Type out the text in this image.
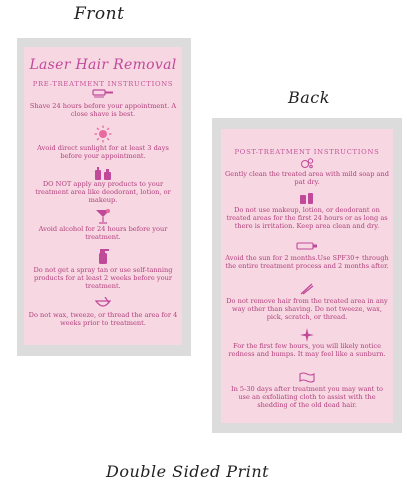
Front
Back
Double Sided Print
Laser Hair Removal
PRE-TREATMENT INSTRUCTIONS
Shave 24 hours before your appointment. A close shave is best.
Avoid direct sunlight for at least 3 days before your appointment.
DO NOT apply any products to your treatment area like deodorant, lotion, or makeup.
Avoid alcohol for 24 hours before your treatment.
Do not get a spray tan or use self-tanning products for at least 2 weeks before your treatment.
Do not wax, tweeze, or thread the area for 4 weeks prior to treatment.
POST-TREATMENT INSTRUCTIONS
Gently clean the treated area with mild soap and pat dry.
Do not use makeup, lotion, or deodorant on treated areas for the first 24 hours or as long as there is irritation. Keep area clean and dry.
Avoid the sun for 2 months.Use SPF30+ through the entire treatment process and 2 months after.
Do not remove hair from the treated area in any way other than shaving. Do not tweeze, wax, pick, scratch, or thread.
For the first few hours, you will likely notice redness and bumps. It may feel like a sunburn.
In 5-30 days after treatment you may want to use an exfoliating cloth to assist with the shedding of the old dead hair.
